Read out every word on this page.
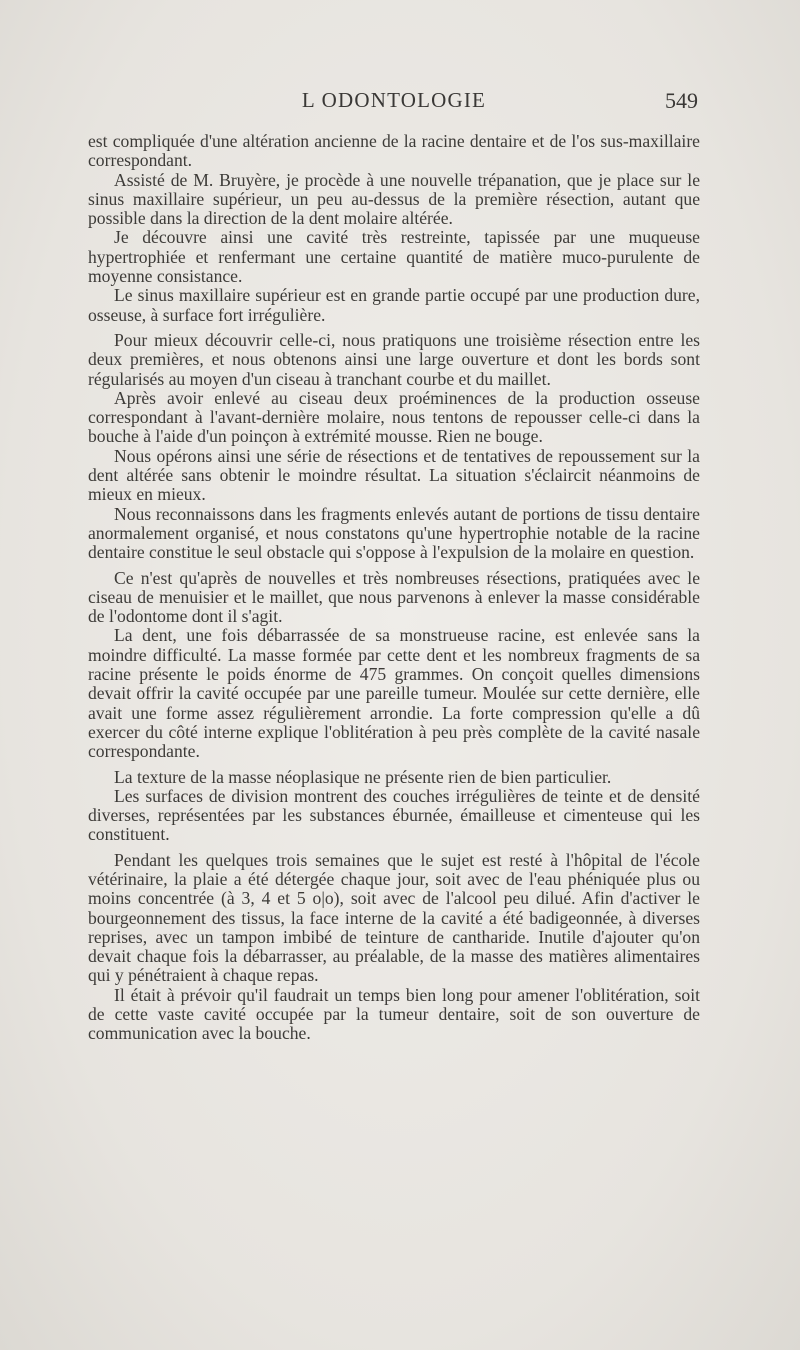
L ODONTOLOGIE	549

est compliquée d'une altération ancienne de la racine dentaire et de l'os sus-maxillaire correspondant.

Assisté de M. Bruyère, je procède à une nouvelle trépanation, que je place sur le sinus maxillaire supérieur, un peu au-dessus de la première résection, autant que possible dans la direction de la dent molaire altérée.

Je découvre ainsi une cavité très restreinte, tapissée par une muqueuse hypertrophiée et renfermant une certaine quantité de matière muco-purulente de moyenne consistance.

Le sinus maxillaire supérieur est en grande partie occupé par une production dure, osseuse, à surface fort irrégulière.

Pour mieux découvrir celle-ci, nous pratiquons une troisième résection entre les deux premières, et nous obtenons ainsi une large ouverture et dont les bords sont régularisés au moyen d'un ciseau à tranchant courbe et du maillet.

Après avoir enlevé au ciseau deux proéminences de la production osseuse correspondant à l'avant-dernière molaire, nous tentons de repousser celle-ci dans la bouche à l'aide d'un poinçon à extrémité mousse. Rien ne bouge.

Nous opérons ainsi une série de résections et de tentatives de repoussement sur la dent altérée sans obtenir le moindre résultat. La situation s'éclaircit néanmoins de mieux en mieux.

Nous reconnaissons dans les fragments enlevés autant de portions de tissu dentaire anormalement organisé, et nous constatons qu'une hypertrophie notable de la racine dentaire constitue le seul obstacle qui s'oppose à l'expulsion de la molaire en question.

Ce n'est qu'après de nouvelles et très nombreuses résections, pratiquées avec le ciseau de menuisier et le maillet, que nous parvenons à enlever la masse considérable de l'odontome dont il s'agit.

La dent, une fois débarrassée de sa monstrueuse racine, est enlevée sans la moindre difficulté. La masse formée par cette dent et les nombreux fragments de sa racine présente le poids énorme de 475 grammes. On conçoit quelles dimensions devait offrir la cavité occupée par une pareille tumeur. Moulée sur cette dernière, elle avait une forme assez régulièrement arrondie. La forte compression qu'elle a dû exercer du côté interne explique l'oblitération à peu près complète de la cavité nasale correspondante.

La texture de la masse néoplasique ne présente rien de bien particulier.

Les surfaces de division montrent des couches irrégulières de teinte et de densité diverses, représentées par les substances éburnée, émailleuse et cimenteuse qui les constituent.

Pendant les quelques trois semaines que le sujet est resté à l'hôpital de l'école vétérinaire, la plaie a été détergée chaque jour, soit avec de l'eau phéniquée plus ou moins concentrée (à 3, 4 et 5 o|o), soit avec de l'alcool peu dilué. Afin d'activer le bourgeonnement des tissus, la face interne de la cavité a été badigeonnée, à diverses reprises, avec un tampon imbibé de teinture de cantharide. Inutile d'ajouter qu'on devait chaque fois la débarrasser, au préalable, de la masse des matières alimentaires qui y pénétraient à chaque repas.

Il était à prévoir qu'il faudrait un temps bien long pour amener l'oblitération, soit de cette vaste cavité occupée par la tumeur dentaire, soit de son ouverture de communication avec la bouche.
